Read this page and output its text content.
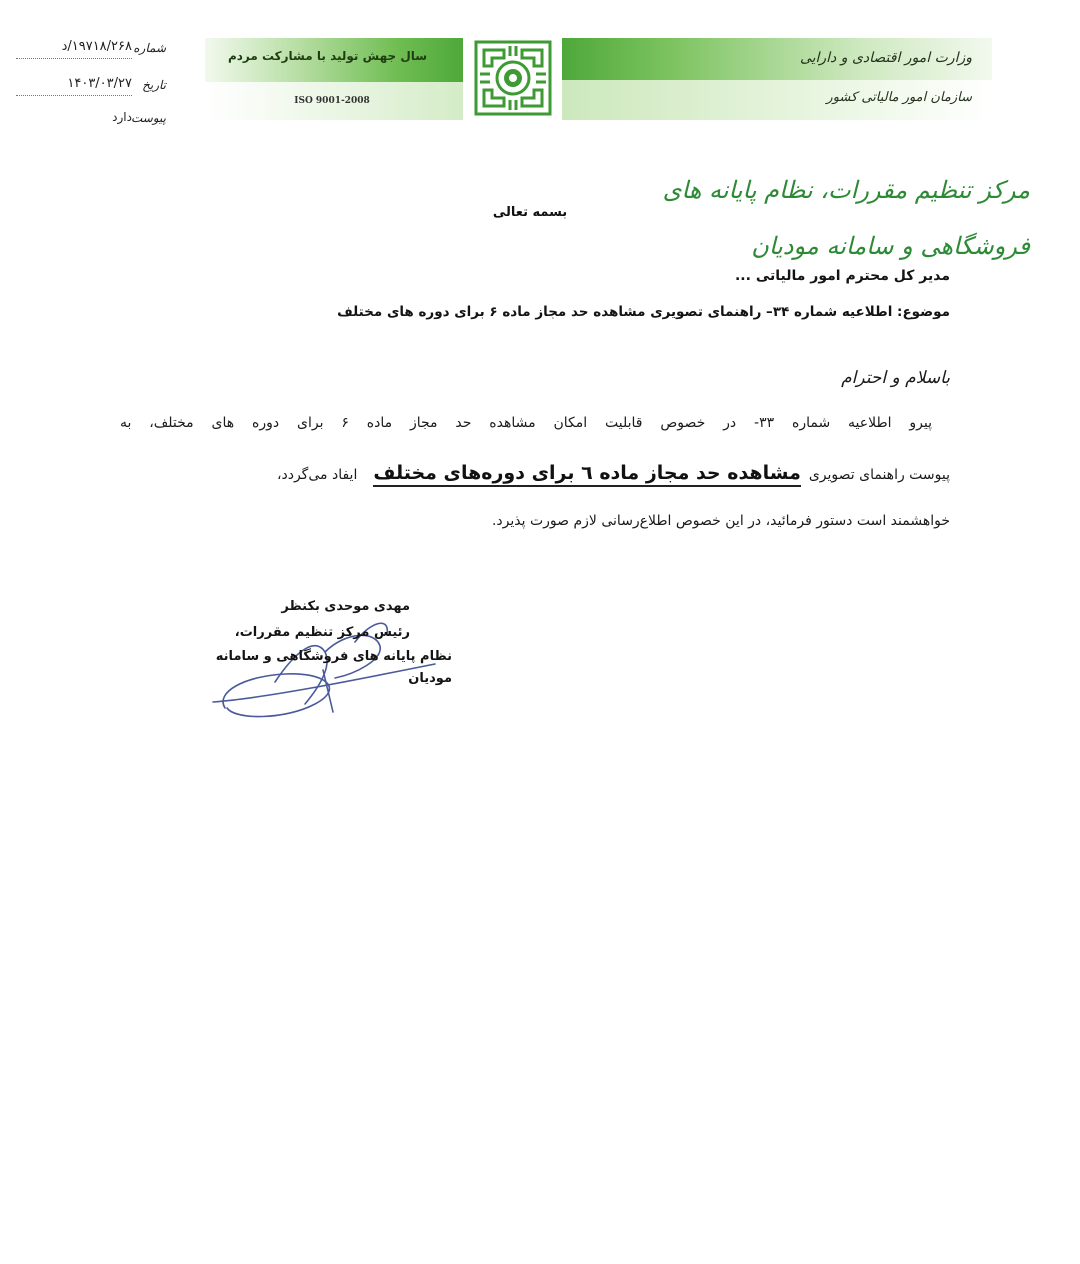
سال جهش تولید با مشارکت مردم
ISO 9001-2008
وزارت امور اقتصادی و دارایی
سازمان امور مالیاتی کشور
شماره
۱۹۷۱۸/۲۶۸/د
تاریخ
۱۴۰۳/۰۳/۲۷
پیوست
دارد
مرکز تنظیم مقررات، نظام پایانه های فروشگاهی و سامانه مودیان
بسمه تعالی
مدیر کل محترم امور مالیاتی ...
موضوع: اطلاعیه شماره ۳۴– راهنمای تصویری مشاهده حد مجاز ماده ۶ برای دوره های مختلف
باسلام و احترام
پیرو اطلاعیه شماره ۳۳- در خصوص قابلیت امکان مشاهده حد مجاز ماده ۶ برای دوره های مختلف، به
پیوست راهنمای تصویریمشاهده حد مجاز ماده ٦ برای دوره‌های مختلفایفاد می‌گردد،
خواهشمند است دستور فرمائید، در این خصوص اطلاع‌رسانی لازم صورت پذیرد.
مهدی موحدی بکنظر
رئیس مرکز تنظیم مقررات،
نظام پایانه های فروشگاهی و سامانه مودیان
